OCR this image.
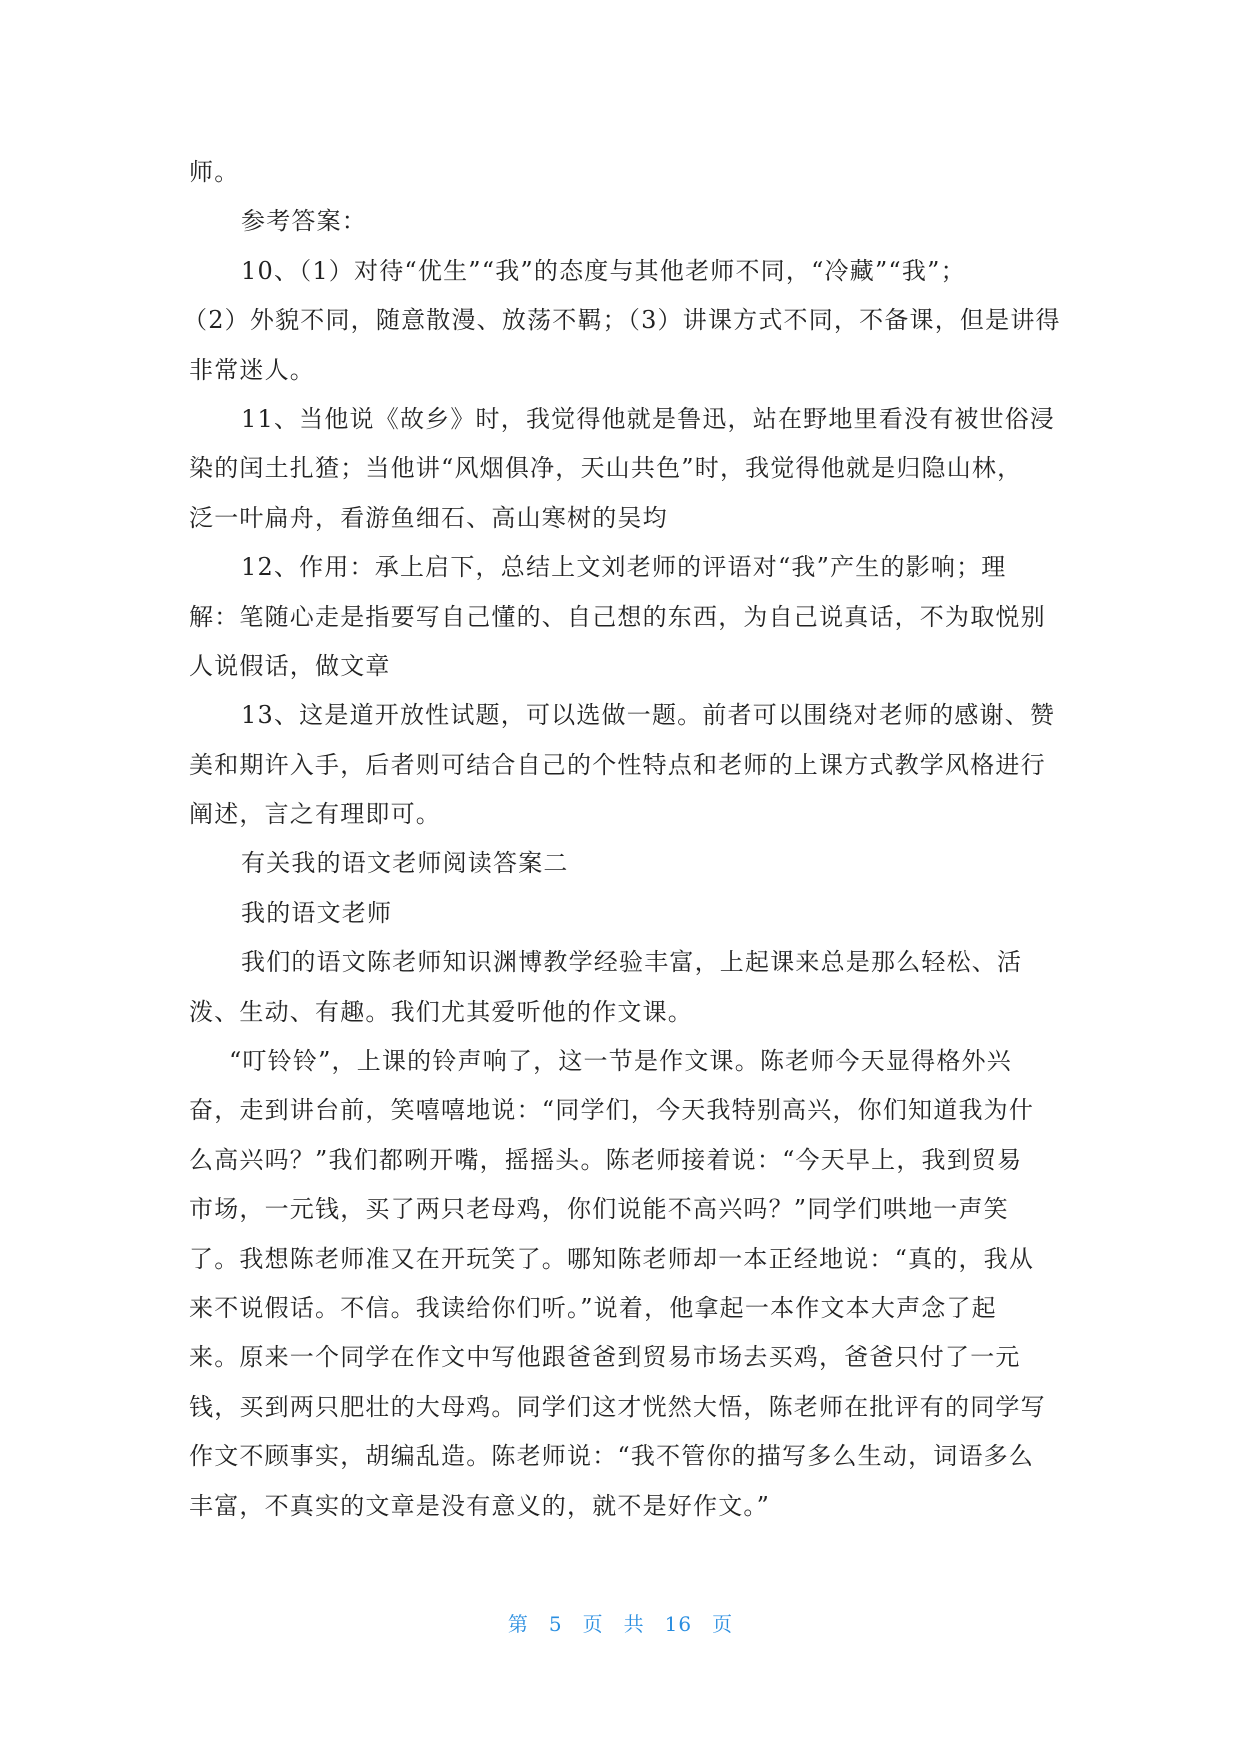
师。
参考答案：
10、（1）对待“优生”“我”的态度与其他老师不同，“冷藏”“我”；
（2）外貌不同，随意散漫、放荡不羁；（3）讲课方式不同，不备课，但是讲得
非常迷人。
11、当他说《故乡》时，我觉得他就是鲁迅，站在野地里看没有被世俗浸
染的闰土扎猹；当他讲“风烟俱净，天山共色”时，我觉得他就是归隐山林，
泛一叶扁舟，看游鱼细石、高山寒树的吴均
12、作用：承上启下，总结上文刘老师的评语对“我”产生的影响；理
解：笔随心走是指要写自己懂的、自己想的东西，为自己说真话，不为取悦别
人说假话，做文章
13、这是道开放性试题，可以选做一题。前者可以围绕对老师的感谢、赞
美和期许入手，后者则可结合自己的个性特点和老师的上课方式教学风格进行
阐述，言之有理即可。
有关我的语文老师阅读答案二
我的语文老师
我们的语文陈老师知识渊博教学经验丰富，上起课来总是那么轻松、活
泼、生动、有趣。我们尤其爱听他的作文课。
“叮铃铃”，上课的铃声响了，这一节是作文课。陈老师今天显得格外兴
奋，走到讲台前，笑嘻嘻地说：“同学们，今天我特别高兴，你们知道我为什
么高兴吗？”我们都咧开嘴，摇摇头。陈老师接着说：“今天早上，我到贸易
市场，一元钱，买了两只老母鸡，你们说能不高兴吗？”同学们哄地一声笑
了。我想陈老师准又在开玩笑了。哪知陈老师却一本正经地说：“真的，我从
来不说假话。不信。我读给你们听。”说着，他拿起一本作文本大声念了起
来。原来一个同学在作文中写他跟爸爸到贸易市场去买鸡，爸爸只付了一元
钱，买到两只肥壮的大母鸡。同学们这才恍然大悟，陈老师在批评有的同学写
作文不顾事实，胡编乱造。陈老师说：“我不管你的描写多么生动，词语多么
丰富，不真实的文章是没有意义的，就不是好作文。”
第 5 页 共 16 页
